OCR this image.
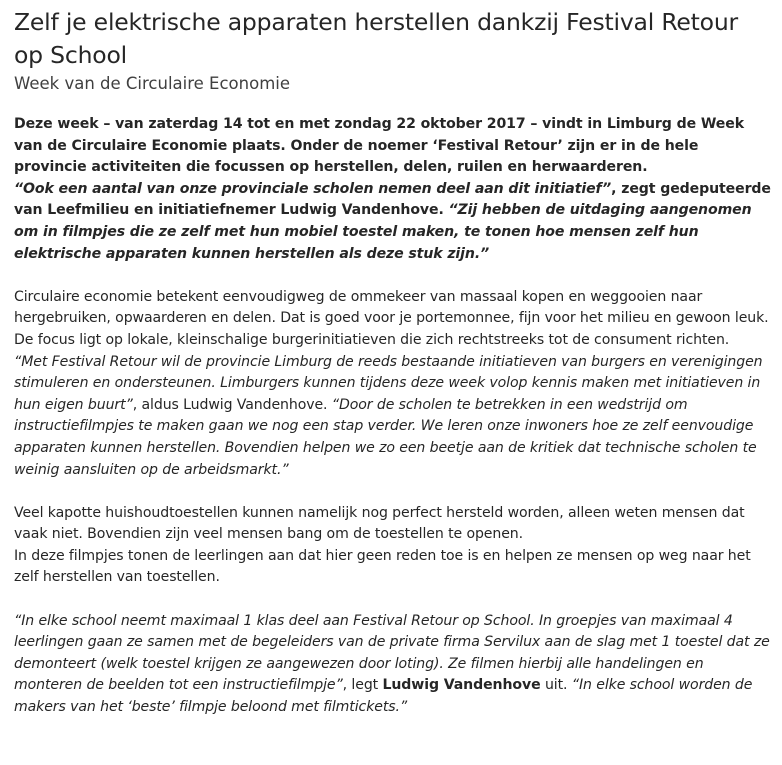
Zelf je elektrische apparaten herstellen dankzij Festival Retour op School
Week van de Circulaire Economie

Deze week – van zaterdag 14 tot en met zondag 22 oktober 2017 – vindt in Limburg de Week van de Circulaire Economie plaats. Onder de noemer ‘Festival Retour’ zijn er in de hele provincie activiteiten die focussen op herstellen, delen, ruilen en herwaarderen.

“Ook een aantal van onze provinciale scholen nemen deel aan dit initiatief”, zegt gedeputeerde van Leefmilieu en initiatiefnemer Ludwig Vandenhove. “Zij hebben de uitdaging aangenomen om in filmpjes die ze zelf met hun mobiel toestel maken, te tonen hoe mensen zelf hun elektrische apparaten kunnen herstellen als deze stuk zijn.”

Circulaire economie betekent eenvoudigweg de ommekeer van massaal kopen en weggooien naar hergebruiken, opwaarderen en delen. Dat is goed voor je portemonnee, fijn voor het milieu en gewoon leuk. De focus ligt op lokale, kleinschalige burgerinitiatieven die zich rechtstreeks tot de consument richten.

“Met Festival Retour wil de provincie Limburg de reeds bestaande initiatieven van burgers en verenigingen stimuleren en ondersteunen. Limburgers kunnen tijdens deze week volop kennis maken met initiatieven in hun eigen buurt”, aldus Ludwig Vandenhove. “Door de scholen te betrekken in een wedstrijd om instructiefilmpjes te maken gaan we nog een stap verder. We leren onze inwoners hoe ze zelf eenvoudige apparaten kunnen herstellen. Bovendien helpen we zo een beetje aan de kritiek dat technische scholen te weinig aansluiten op de arbeidsmarkt.”

Veel kapotte huishoudtoestellen kunnen namelijk nog perfect hersteld worden, alleen weten mensen dat vaak niet. Bovendien zijn veel mensen bang om de toestellen te openen.

In deze filmpjes tonen de leerlingen aan dat hier geen reden toe is en helpen ze mensen op weg naar het zelf herstellen van toestellen.

“In elke school neemt maximaal 1 klas deel aan Festival Retour op School. In groepjes van maximaal 4 leerlingen gaan ze samen met de begeleiders van de private firma Servilux aan de slag met 1 toestel dat ze demonteert (welk toestel krijgen ze aangewezen door loting). Ze filmen hierbij alle handelingen en monteren de beelden tot een instructiefilmpje”, legt Ludwig Vandenhove uit. “In elke school worden de makers van het ‘beste’ filmpje beloond met filmtickets.”
